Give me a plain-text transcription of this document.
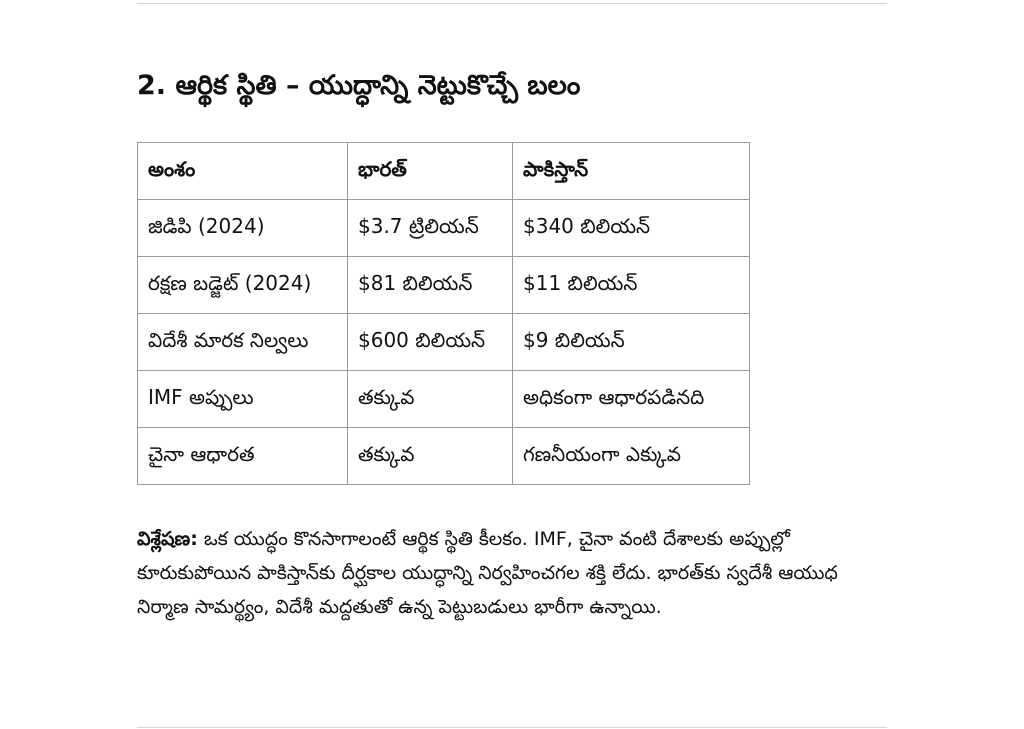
2. ఆర్థిక స్థితి – యుద్ధాన్ని నెట్టుకొచ్చే బలం
అంశం	భారత్	పాకిస్తాన్
జిడిపి (2024)	$3.7 ట్రిలియన్	$340 బిలియన్
రక్షణ బడ్జెట్ (2024)	$81 బిలియన్	$11 బిలియన్
విదేశీ మారక నిల్వలు	$600 బిలియన్	$9 బిలియన్
IMF అప్పులు	తక్కువ	అధికంగా ఆధారపడినది
చైనా ఆధారత	తక్కువ	గణనీయంగా ఎక్కువ

విశ్లేషణ: ఒక యుద్ధం కొనసాగాలంటే ఆర్థిక స్థితి కీలకం. IMF, చైనా వంటి దేశాలకు అప్పుల్లో కూరుకుపోయిన పాకిస్తాన్‌కు దీర్ఘకాల యుద్ధాన్ని నిర్వహించగల శక్తి లేదు. భారత్‌కు స్వదేశీ ఆయుధ నిర్మాణ సామర్థ్యం, విదేశీ మద్దతుతో ఉన్న పెట్టుబడులు భారీగా ఉన్నాయి.
